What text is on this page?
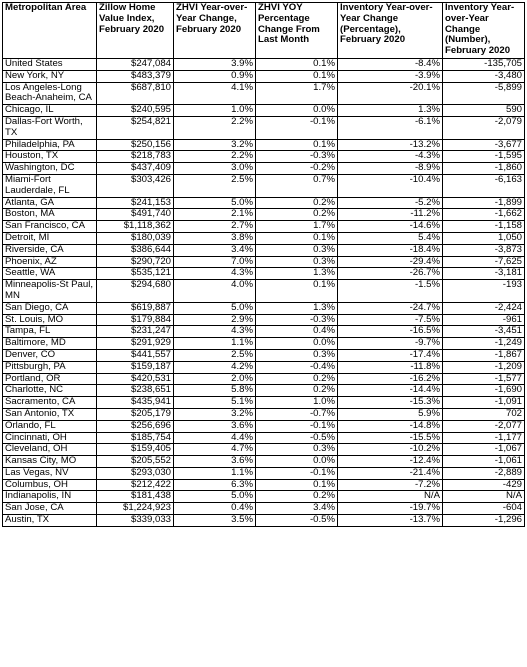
Metropolitan Area	Zillow Home Value Index, February 2020	ZHVI Year-over-Year Change, February 2020	ZHVI YOY Percentage Change From Last Month	Inventory Year-over-Year Change (Percentage), February 2020	Inventory Year-over-Year Change (Number), February 2020
United States	$247,084	3.9%	0.1%	-8.4%	-135,705
New York, NY	$483,379	0.9%	0.1%	-3.9%	-3,480
Los Angeles-Long Beach-Anaheim, CA	$687,810	4.1%	1.7%	-20.1%	-5,899
Chicago, IL	$240,595	1.0%	0.0%	1.3%	590
Dallas-Fort Worth, TX	$254,821	2.2%	-0.1%	-6.1%	-2,079
Philadelphia, PA	$250,156	3.2%	0.1%	-13.2%	-3,677
Houston, TX	$218,783	2.2%	-0.3%	-4.3%	-1,595
Washington, DC	$437,409	3.0%	-0.2%	-8.9%	-1,860
Miami-Fort Lauderdale, FL	$303,426	2.5%	0.7%	-10.4%	-6,163
Atlanta, GA	$241,153	5.0%	0.2%	-5.2%	-1,899
Boston, MA	$491,740	2.1%	0.2%	-11.2%	-1,662
San Francisco, CA	$1,118,362	2.7%	1.7%	-14.6%	-1,158
Detroit, MI	$180,039	3.8%	0.1%	5.4%	1,050
Riverside, CA	$386,644	3.4%	0.3%	-18.4%	-3,873
Phoenix, AZ	$290,720	7.0%	0.3%	-29.4%	-7,625
Seattle, WA	$535,121	4.3%	1.3%	-26.7%	-3,181
Minneapolis-St Paul, MN	$294,680	4.0%	0.1%	-1.5%	-193
San Diego, CA	$619,887	5.0%	1.3%	-24.7%	-2,424
St. Louis, MO	$179,884	2.9%	-0.3%	-7.5%	-961
Tampa, FL	$231,247	4.3%	0.4%	-16.5%	-3,451
Baltimore, MD	$291,929	1.1%	0.0%	-9.7%	-1,249
Denver, CO	$441,557	2.5%	0.3%	-17.4%	-1,867
Pittsburgh, PA	$159,187	4.2%	-0.4%	-11.8%	-1,209
Portland, OR	$420,531	2.0%	0.2%	-16.2%	-1,577
Charlotte, NC	$238,651	5.8%	0.2%	-14.4%	-1,690
Sacramento, CA	$435,941	5.1%	1.0%	-15.3%	-1,091
San Antonio, TX	$205,179	3.2%	-0.7%	5.9%	702
Orlando, FL	$256,696	3.6%	-0.1%	-14.8%	-2,077
Cincinnati, OH	$185,754	4.4%	-0.5%	-15.5%	-1,177
Cleveland, OH	$159,405	4.7%	0.3%	-10.2%	-1,067
Kansas City, MO	$205,552	3.6%	0.0%	-12.4%	-1,061
Las Vegas, NV	$293,030	1.1%	-0.1%	-21.4%	-2,889
Columbus, OH	$212,422	6.3%	0.1%	-7.2%	-429
Indianapolis, IN	$181,438	5.0%	0.2%	N/A	N/A
San Jose, CA	$1,224,923	0.4%	3.4%	-19.7%	-604
Austin, TX	$339,033	3.5%	-0.5%	-13.7%	-1,296
